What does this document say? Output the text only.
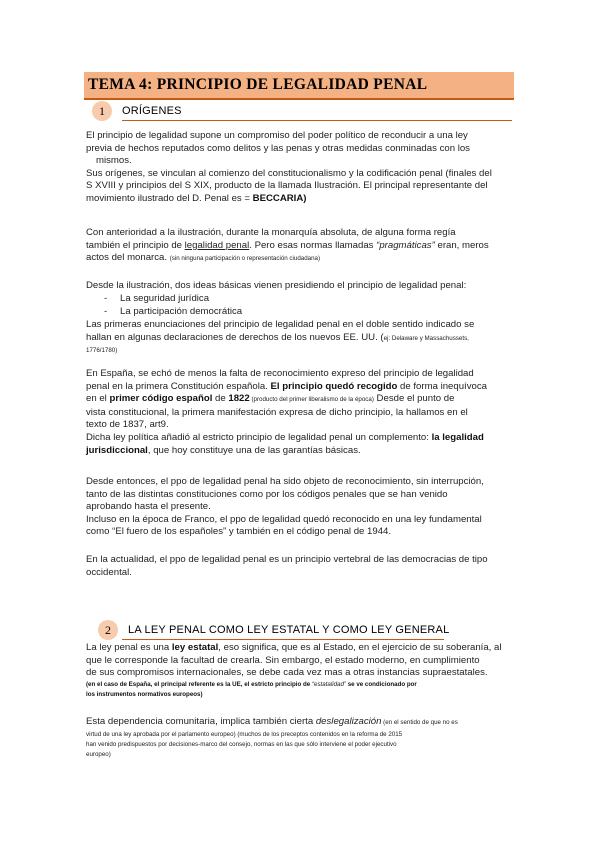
TEMA 4: PRINCIPIO DE LEGALIDAD PENAL
1	ORÍGENES
El principio de legalidad supone un compromiso del poder político de reconducir a una ley
previa de hechos reputados como delitos y las penas y otras medidas conminadas con los
mismos.
Sus orígenes, se vinculan al comienzo del constitucionalismo y la codificación penal (finales del
S XVIII y principios del S XIX, producto de la llamada Ilustración. El principal representante del
movimiento ilustrado del D. Penal es = BECCARIA)
Con anterioridad a la ilustración, durante la monarquía absoluta, de alguna forma regía
también el principio de legalidad penal. Pero esas normas llamadas “pragmáticas” eran, meros
actos del monarca. (sin ninguna participación o representación ciudadana)
Desde la ilustración, dos ideas básicas vienen presidiendo el principio de legalidad penal:
- La seguridad jurídica
- La participación democrática
Las primeras enunciaciones del principio de legalidad penal en el doble sentido indicado se
hallan en algunas declaraciones de derechos de los nuevos EE. UU. (ej: Delaware y Massachussets,
1776/1780)
En España, se echó de menos la falta de reconocimiento expreso del principio de legalidad
penal en la primera Constitución española. El principio quedó recogido de forma inequívoca
en el primer código español de 1822 (producto del primer liberalismo de la época) Desde el punto de
vista constitucional, la primera manifestación expresa de dicho principio, la hallamos en el
texto de 1837, art9.
Dicha ley política añadió al estricto principio de legalidad penal un complemento: la legalidad
jurisdiccional, que hoy constituye una de las garantías básicas.
Desde entonces, el ppo de legalidad penal ha sido objeto de reconocimiento, sin interrupción,
tanto de las distintas constituciones como por los códigos penales que se han venido
aprobando hasta el presente.
Incluso en la época de Franco, el ppo de legalidad quedó reconocido en una ley fundamental
como “El fuero de los españoles” y también en el código penal de 1944.
En la actualidad, el ppo de legalidad penal es un principio vertebral de las democracias de tipo
occidental.
2	LA LEY PENAL COMO LEY ESTATAL Y COMO LEY GENERAL
La ley penal es una ley estatal, eso significa, que es al Estado, en el ejercicio de su soberanía, al
que le corresponde la facultad de crearla. Sin embargo, el estado moderno, en cumplimiento
de sus compromisos internacionales, se debe cada vez mas a otras instancias supraestatales.
(en el caso de España, el principal referente es la UE, el estricto principio de “estatalidad” se ve condicionado por
los instrumentos normativos europeos)
Esta dependencia comunitaria, implica también cierta deslegalización (en el sentido de que no es
virtud de una ley aprobada por el parlamento europeo) (muchos de los preceptos contenidos en la reforma de 2015
han venido predispuestos por decisiones-marco del consejo, normas en las que sólo interviene el poder ejecutivo
europeo)
